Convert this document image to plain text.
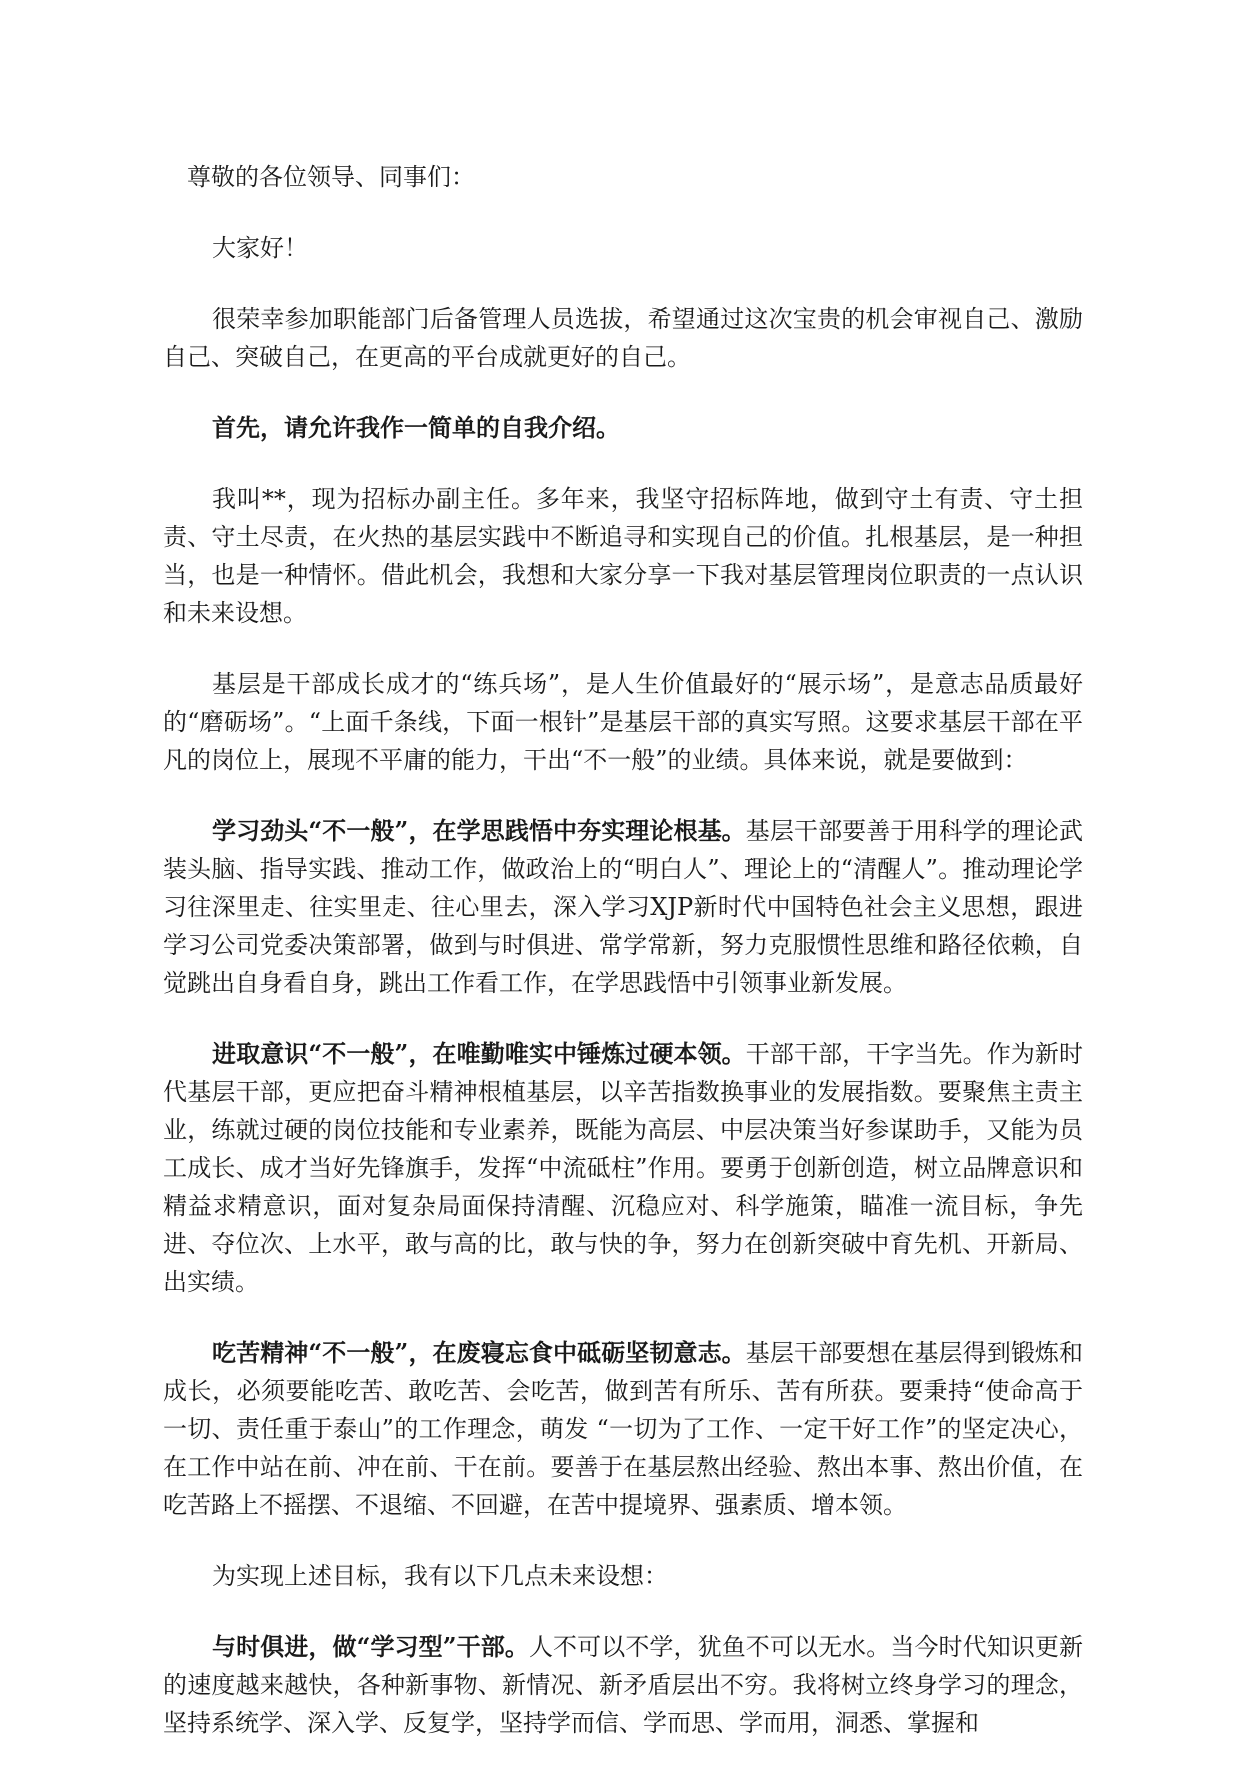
尊敬的各位领导、同事们：

大家好！

很荣幸参加职能部门后备管理人员选拔，希望通过这次宝贵的机会审视自己、激励自己、突破自己，在更高的平台成就更好的自己。

首先，请允许我作一简单的自我介绍。

我叫**，现为招标办副主任。多年来，我坚守招标阵地，做到守土有责、守土担责、守土尽责，在火热的基层实践中不断追寻和实现自己的价值。扎根基层，是一种担当，也是一种情怀。借此机会，我想和大家分享一下我对基层管理岗位职责的一点认识和未来设想。

基层是干部成长成才的“练兵场”，是人生价值最好的“展示场”，是意志品质最好的“磨砺场”。“上面千条线，下面一根针”是基层干部的真实写照。这要求基层干部在平凡的岗位上，展现不平庸的能力，干出“不一般”的业绩。具体来说，就是要做到：

学习劲头“不一般”，在学思践悟中夯实理论根基。基层干部要善于用科学的理论武装头脑、指导实践、推动工作，做政治上的“明白人”、理论上的“清醒人”。推动理论学习往深里走、往实里走、往心里去，深入学习XJP新时代中国特色社会主义思想，跟进学习公司党委决策部署，做到与时俱进、常学常新，努力克服惯性思维和路径依赖，自觉跳出自身看自身，跳出工作看工作，在学思践悟中引领事业新发展。

进取意识“不一般”，在唯勤唯实中锤炼过硬本领。干部干部，干字当先。作为新时代基层干部，更应把奋斗精神根植基层，以辛苦指数换事业的发展指数。要聚焦主责主业，练就过硬的岗位技能和专业素养，既能为高层、中层决策当好参谋助手，又能为员工成长、成才当好先锋旗手，发挥“中流砥柱”作用。要勇于创新创造，树立品牌意识和精益求精意识，面对复杂局面保持清醒、沉稳应对、科学施策，瞄准一流目标，争先进、夺位次、上水平，敢与高的比，敢与快的争，努力在创新突破中育先机、开新局、出实绩。

吃苦精神“不一般”，在废寝忘食中砥砺坚韧意志。基层干部要想在基层得到锻炼和成长，必须要能吃苦、敢吃苦、会吃苦，做到苦有所乐、苦有所获。要秉持“使命高于一切、责任重于泰山”的工作理念，萌发 “一切为了工作、一定干好工作”的坚定决心，在工作中站在前、冲在前、干在前。要善于在基层熬出经验、熬出本事、熬出价值，在吃苦路上不摇摆、不退缩、不回避，在苦中提境界、强素质、增本领。

为实现上述目标，我有以下几点未来设想：

与时俱进，做“学习型”干部。人不可以不学，犹鱼不可以无水。当今时代知识更新的速度越来越快，各种新事物、新情况、新矛盾层出不穷。我将树立终身学习的理念，坚持系统学、深入学、反复学，坚持学而信、学而思、学而用，洞悉、掌握和
